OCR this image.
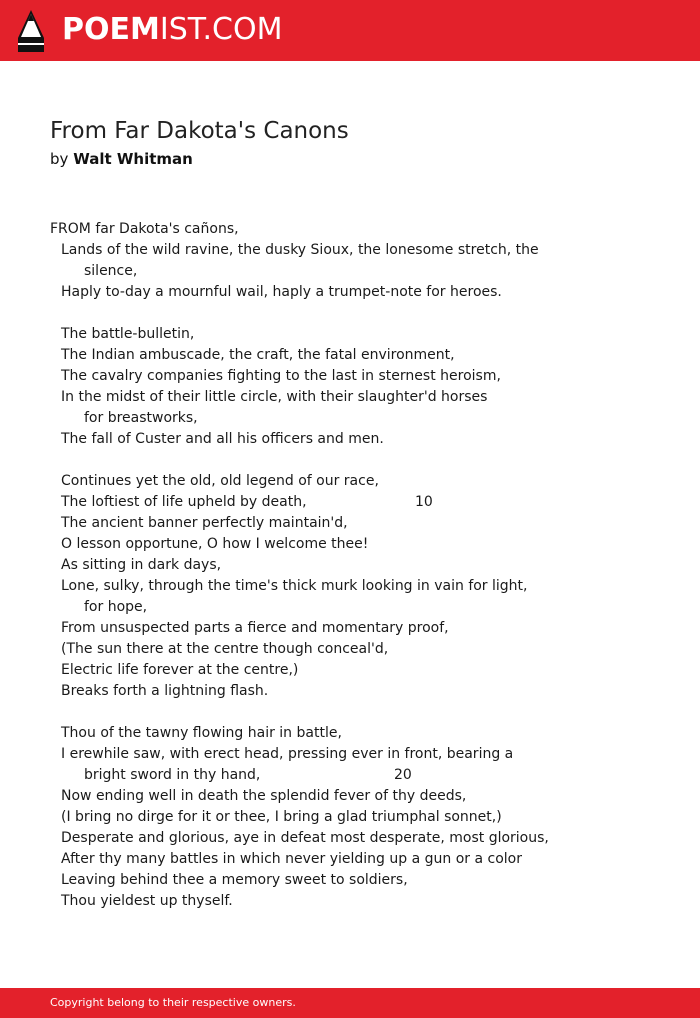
POEMIST.COM
From Far Dakota's Canons
by Walt Whitman
FROM far Dakota's cañons,
Lands of the wild ravine, the dusky Sioux, the lonesome stretch, the
silence,
Haply to-day a mournful wail, haply a trumpet-note for heroes.
The battle-bulletin,
The Indian ambuscade, the craft, the fatal environment,
The cavalry companies fighting to the last in sternest heroism,
In the midst of their little circle, with their slaughter'd horses
for breastworks,
The fall of Custer and all his officers and men.
Continues yet the old, old legend of our race,
The loftiest of life upheld by death,	10
The ancient banner perfectly maintain'd,
O lesson opportune, O how I welcome thee!
As sitting in dark days,
Lone, sulky, through the time's thick murk looking in vain for light,
for hope,
From unsuspected parts a fierce and momentary proof,
(The sun there at the centre though conceal'd,
Electric life forever at the centre,)
Breaks forth a lightning flash.
Thou of the tawny flowing hair in battle,
I erewhile saw, with erect head, pressing ever in front, bearing a
bright sword in thy hand,	20
Now ending well in death the splendid fever of thy deeds,
(I bring no dirge for it or thee, I bring a glad triumphal sonnet,)
Desperate and glorious, aye in defeat most desperate, most glorious,
After thy many battles in which never yielding up a gun or a color
Leaving behind thee a memory sweet to soldiers,
Thou yieldest up thyself.
Copyright belong to their respective owners.
